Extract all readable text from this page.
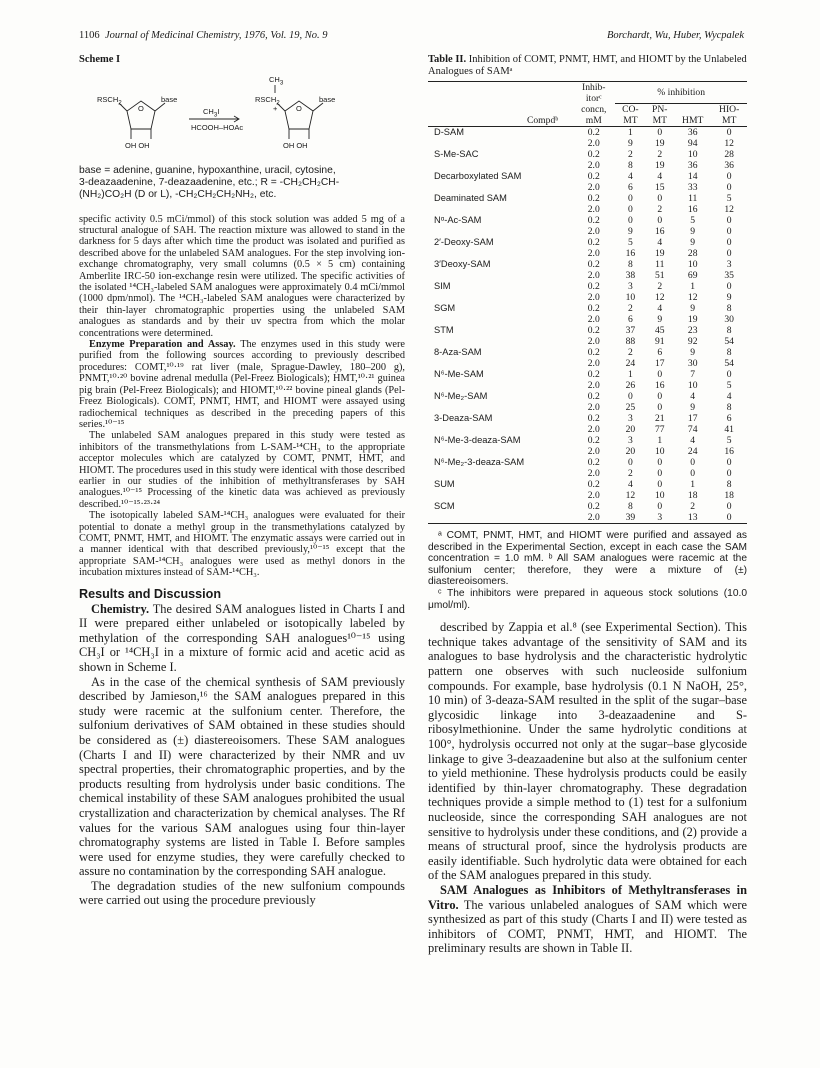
1106 Journal of Medicinal Chemistry, 1976, Vol. 19, No. 9	Borchardt, Wu, Huber, Wycpalek
Scheme I
$RSCH_2$	base
O
OH OH
$CH_3I$
HCOOH–HOAc
$CH_3$
$RSCH_2$
+
base
O
OH OH
base = adenine, guanine, hypoxanthine, uracil, cytosine,
3-deazaadenine, 7-deazaadenine, etc.; R = -CH₂CH₂CH-
(NH₂)CO₂H (D or L), -CH₂CH₂CH₂NH₂, etc.

specific activity 0.5 mCi/mmol) of this stock solution was added 5 mg of a structural analogue of SAH. The reaction mixture was allowed to stand in the darkness for 5 days after which time the product was isolated and purified as described above for the unlabeled SAM analogues. For the step involving ion-exchange chromatography, very small columns (0.5 × 5 cm) containing Amberlite IRC-50 ion-exchange resin were utilized. The specific activities of the isolated ¹⁴CH₃-labeled SAM analogues were approximately 0.4 mCi/mmol (1000 dpm/nmol). The ¹⁴CH₃-labeled SAM analogues were characterized by their thin-layer chromatographic properties using the unlabeled SAM analogues as standards and by their uv spectra from which the molar concentrations were determined.

Enzyme Preparation and Assay. The enzymes used in this study were purified from the following sources according to previously described procedures: COMT,¹⁰·¹⁹ rat liver (male, Sprague-Dawley, 180–200 g), PNMT,¹⁰·²⁰ bovine adrenal medulla (Pel-Freez Biologicals); HMT,¹⁰·²¹ guinea pig brain (Pel-Freez Biologicals); and HIOMT,¹⁰·²² bovine pineal glands (Pel-Freez Biologicals). COMT, PNMT, HMT, and HIOMT were assayed using radiochemical techniques as described in the preceding papers of this series.¹⁰⁻¹⁵

The unlabeled SAM analogues prepared in this study were tested as inhibitors of the transmethylations from L-SAM-¹⁴CH₃ to the appropriate acceptor molecules which are catalyzed by COMT, PNMT, HMT, and HIOMT. The procedures used in this study were identical with those described earlier in our studies of the inhibition of methyltransferases by SAH analogues.¹⁰⁻¹⁵ Processing of the kinetic data was achieved as previously described.¹⁰⁻¹⁵·²³·²⁴

The isotopically labeled SAM-¹⁴CH₃ analogues were evaluated for their potential to donate a methyl group in the transmethylations catalyzed by COMT, PNMT, HMT, and HIOMT. The enzymatic assays were carried out in a manner identical with that described previously,¹⁰⁻¹⁵ except that the appropriate SAM-¹⁴CH₃ analogues were used as methyl donors in the incubation mixtures instead of SAM-¹⁴CH₃.

Results and Discussion

Chemistry. The desired SAM analogues listed in Charts I and II were prepared either unlabeled or isotopically labeled by methylation of the corresponding SAH analogues¹⁰⁻¹⁵ using CH₃I or ¹⁴CH₃I in a mixture of formic acid and acetic acid as shown in Scheme I.

As in the case of the chemical synthesis of SAM previously described by Jamieson,¹⁶ the SAM analogues prepared in this study were racemic at the sulfonium center. Therefore, the sulfonium derivatives of SAM obtained in these studies should be considered as (±) diastereoisomers. These SAM analogues (Charts I and II) were characterized by their NMR and uv spectral properties, their chromatographic properties, and by the products resulting from hydrolysis under basic conditions. The chemical instability of these SAM analogues prohibited the usual crystallization and characterization by chemical analyses. The Rf values for the various SAM analogues using four thin-layer chromatography systems are listed in Table I. Before samples were used for enzyme studies, they were carefully checked to assure no contamination by the corresponding SAH analogue.

The degradation studies of the new sulfonium compounds were carried out using the procedure previously

Table II. Inhibition of COMT, PNMT, HMT, and HIOMT by the Unlabeled Analogues of SAMᵃ
	Inhib-	% inhibition			
	itorᶜ				
	concn,	CO-	PN-		HIO-
Compdᵇ	mM	MT	MT	HMT	MT
D-SAM	0.2	1	0	36	0
	2.0	9	19	94	12
S-Me-SAC	0.2	2	2	10	28
	2.0	8	19	36	36
Decarboxylated SAM	0.2	4	4	14	0
	2.0	6	15	33	0
Deaminated SAM	0.2	0	0	11	5
	2.0	0	2	16	12
Nᵅ-Ac-SAM	0.2	0	0	5	0
	2.0	9	16	9	0
2′-Deoxy-SAM	0.2	5	4	9	0
	2.0	16	19	28	0
3′Deoxy-SAM	0.2	8	11	10	3
	2.0	38	51	69	35
SIM	0.2	3	2	1	0
	2.0	10	12	12	9
SGM	0.2	2	4	9	8
	2.0	6	9	19	30
STM	0.2	37	45	23	8
	2.0	88	91	92	54
8-Aza-SAM	0.2	2	6	9	8
	2.0	24	17	30	54
N⁶-Me-SAM	0.2	1	0	7	0
	2.0	26	16	10	5
N⁶-Me₂-SAM	0.2	0	0	4	4
	2.0	25	0	9	8
3-Deaza-SAM	0.2	3	21	17	6
	2.0	20	77	74	41
N⁶-Me-3-deaza-SAM	0.2	3	1	4	5
	2.0	20	10	24	16
N⁶-Me₂-3-deaza-SAM	0.2	0	0	0	0
	2.0	2	0	0	0
SUM	0.2	4	0	1	8
	2.0	12	10	18	18
SCM	0.2	8	0	2	0
	2.0	39	3	13	0
ᵃ COMT, PNMT, HMT, and HIOMT were purified and assayed as described in the Experimental Section, except in each case the SAM concentration = 1.0 mM. ᵇ All SAM analogues were racemic at the sulfonium center; therefore, they were a mixture of (±) diastereoisomers.
ᶜ The inhibitors were prepared in aqueous stock solutions (10.0 μmol/ml).

described by Zappia et al.⁸ (see Experimental Section). This technique takes advantage of the sensitivity of SAM and its analogues to base hydrolysis and the characteristic hydrolytic pattern one observes with such nucleoside sulfonium compounds. For example, base hydrolysis (0.1 N NaOH, 25°, 10 min) of 3-deaza-SAM resulted in the split of the sugar–base glycosidic linkage into 3-deazaadenine and S-ribosylmethionine. Under the same hydrolytic conditions at 100°, hydrolysis occurred not only at the sugar–base glycoside linkage to give 3-deazaadenine but also at the sulfonium center to yield methionine. These hydrolysis products could be easily identified by thin-layer chromatography. These degradation techniques provide a simple method to (1) test for a sulfonium nucleoside, since the corresponding SAH analogues are not sensitive to hydrolysis under these conditions, and (2) provide a means of structural proof, since the hydrolysis products are easily identifiable. Such hydrolytic data were obtained for each of the SAM analogues prepared in this study.

SAM Analogues as Inhibitors of Methyltransferases in Vitro. The various unlabeled analogues of SAM which were synthesized as part of this study (Charts I and II) were tested as inhibitors of COMT, PNMT, HMT, and HIOMT. The preliminary results are shown in Table II.
